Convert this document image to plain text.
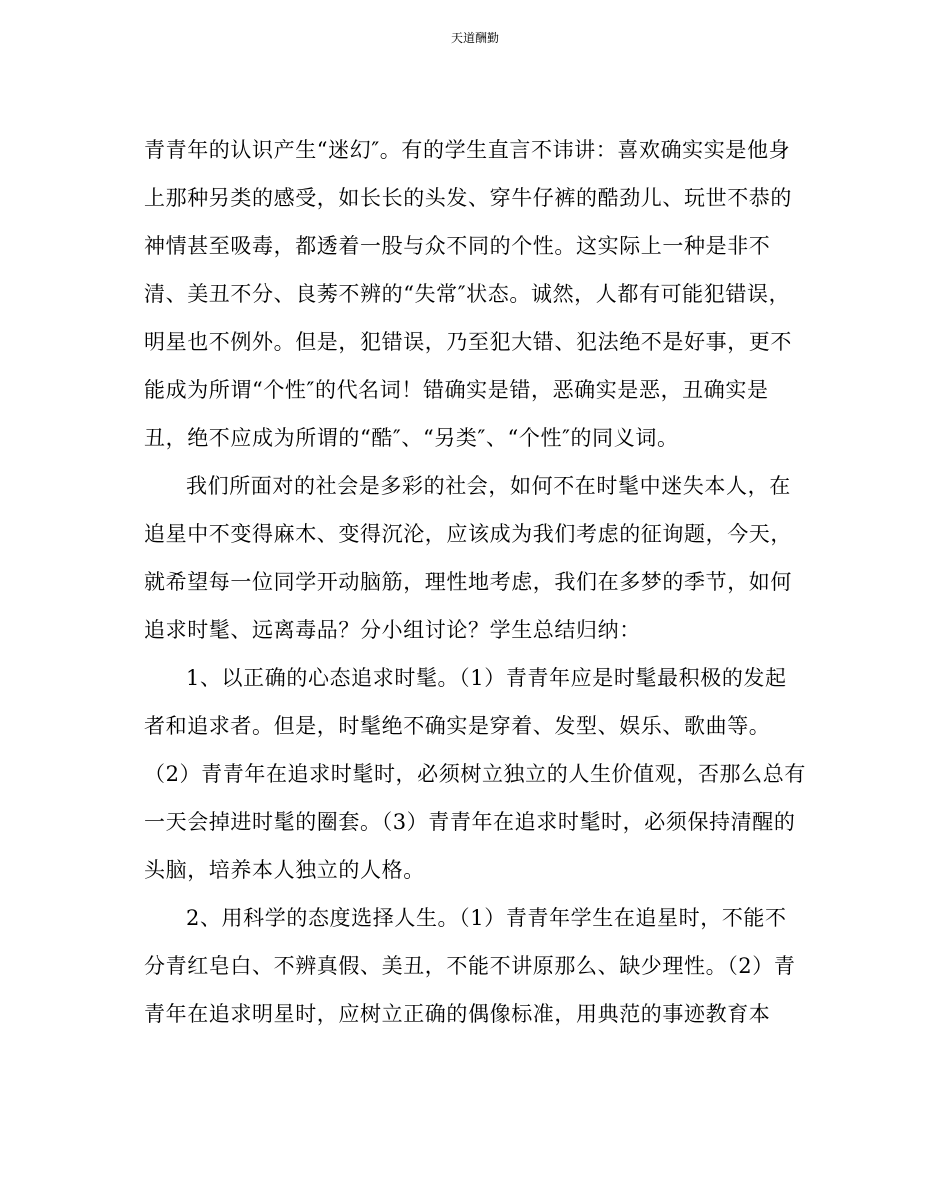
天道酬勤
青青年的认识产生“迷幻″。有的学生直言不讳讲：喜欢确实实是他身
上那种另类的感受，如长长的头发、穿牛仔裤的酷劲儿、玩世不恭的
神情甚至吸毒，都透着一股与众不同的个性。这实际上一种是非不
清、美丑不分、良莠不辨的“失常″状态。诚然，人都有可能犯错误，
明星也不例外。但是，犯错误，乃至犯大错、犯法绝不是好事，更不
能成为所谓“个性″的代名词！错确实是错，恶确实是恶，丑确实是
丑，绝不应成为所谓的“酷″、“另类″、“个性″的同义词。
我们所面对的社会是多彩的社会，如何不在时髦中迷失本人，在
追星中不变得麻木、变得沉沦，应该成为我们考虑的征询题，今天，
就希望每一位同学开动脑筋，理性地考虑，我们在多梦的季节，如何
追求时髦、远离毒品？分小组讨论？学生总结归纳：
1、以正确的心态追求时髦。（1）青青年应是时髦最积极的发起
者和追求者。但是，时髦绝不确实是穿着、发型、娱乐、歌曲等。
（2）青青年在追求时髦时，必须树立独立的人生价值观，否那么总有
一天会掉进时髦的圈套。（3）青青年在追求时髦时，必须保持清醒的
头脑，培养本人独立的人格。
2、用科学的态度选择人生。（1）青青年学生在追星时，不能不
分青红皂白、不辨真假、美丑，不能不讲原那么、缺少理性。（2）青
青年在追求明星时，应树立正确的偶像标准，用典范的事迹教育本
